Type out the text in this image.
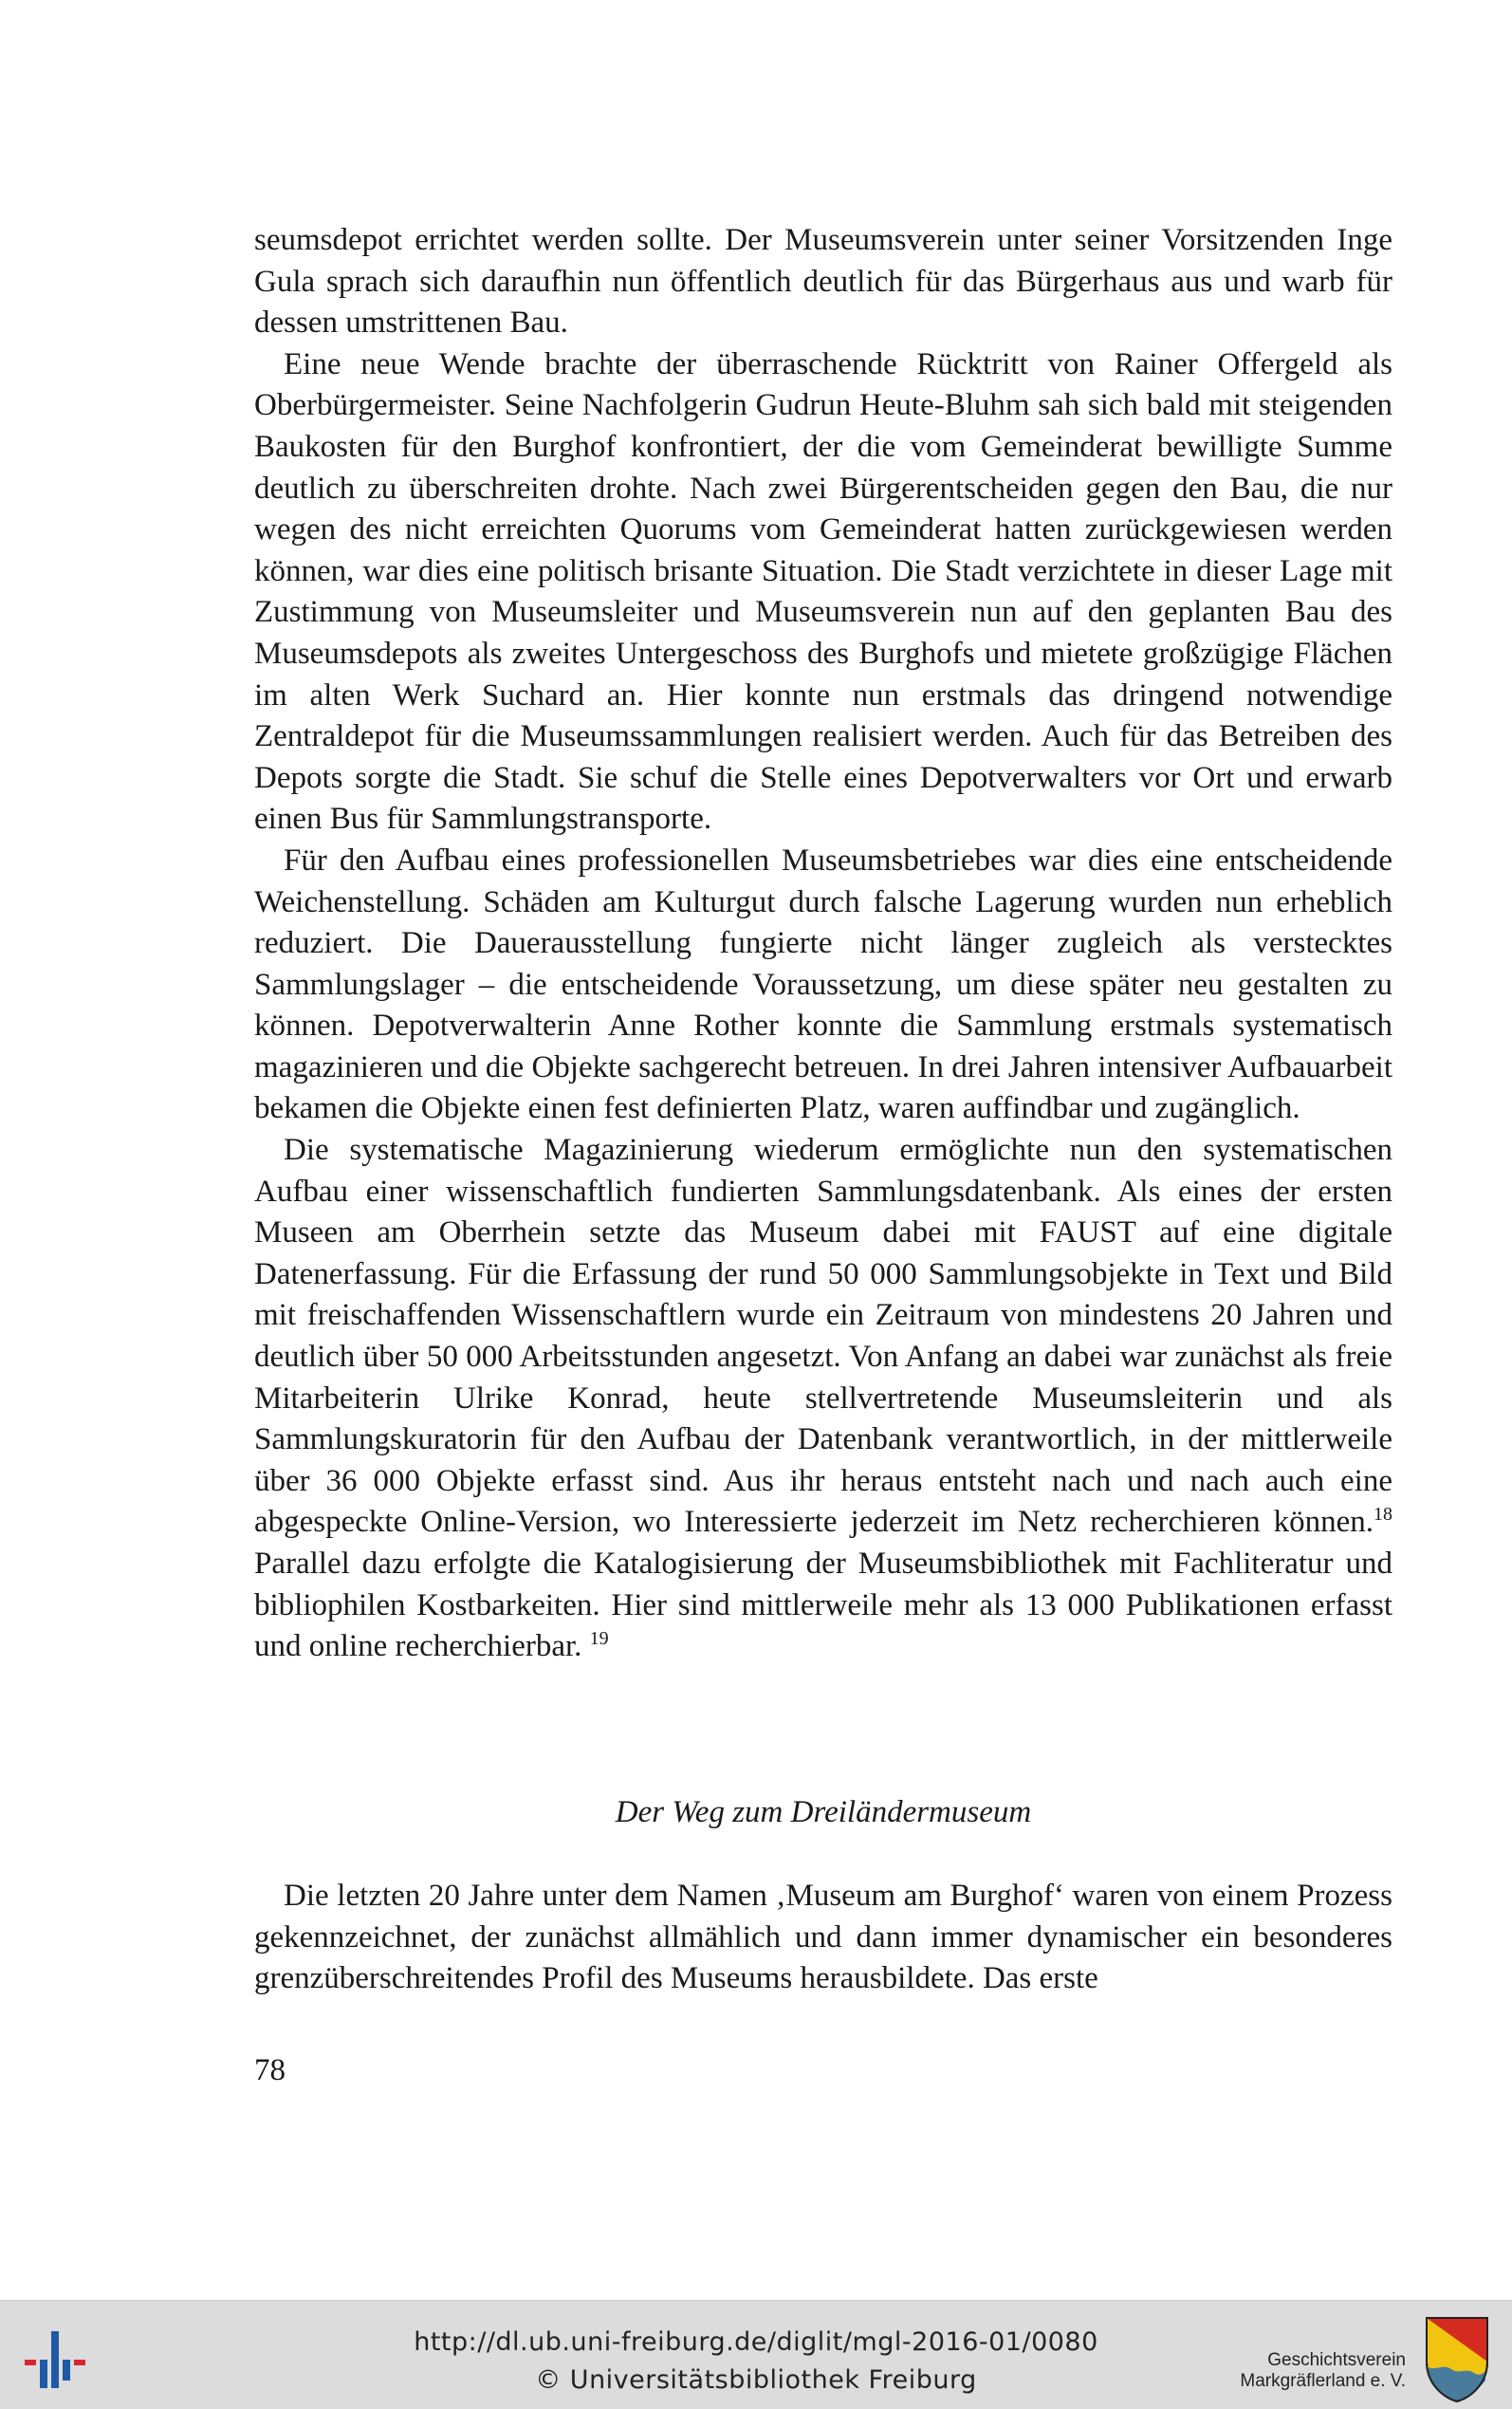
seumsdepot errichtet werden sollte. Der Museumsverein unter seiner Vorsitzenden Inge Gula sprach sich daraufhin nun öffentlich deutlich für das Bürgerhaus aus und warb für dessen umstrittenen Bau.

Eine neue Wende brachte der überraschende Rücktritt von Rainer Offergeld als Oberbürgermeister. Seine Nachfolgerin Gudrun Heute-Bluhm sah sich bald mit steigenden Baukosten für den Burghof konfrontiert, der die vom Gemeinderat bewilligte Summe deutlich zu überschreiten drohte. Nach zwei Bürgerentscheiden gegen den Bau, die nur wegen des nicht erreichten Quorums vom Gemeinderat hatten zurückgewiesen werden können, war dies eine politisch brisante Situation. Die Stadt verzichtete in dieser Lage mit Zustimmung von Museumsleiter und Museumsverein nun auf den geplanten Bau des Museumsdepots als zweites Untergeschoss des Burghofs und mietete großzügige Flächen im alten Werk Suchard an. Hier konnte nun erstmals das dringend notwendige Zentraldepot für die Museumssammlungen realisiert werden. Auch für das Betreiben des Depots sorgte die Stadt. Sie schuf die Stelle eines Depotverwalters vor Ort und erwarb einen Bus für Sammlungstransporte.

Für den Aufbau eines professionellen Museumsbetriebes war dies eine entscheidende Weichenstellung. Schäden am Kulturgut durch falsche Lagerung wurden nun erheblich reduziert. Die Dauerausstellung fungierte nicht länger zugleich als verstecktes Sammlungslager – die entscheidende Voraussetzung, um diese später neu gestalten zu können. Depotverwalterin Anne Rother konnte die Sammlung erstmals systematisch magazinieren und die Objekte sachgerecht betreuen. In drei Jahren intensiver Aufbauarbeit bekamen die Objekte einen fest definierten Platz, waren auffindbar und zugänglich.

Die systematische Magazinierung wiederum ermöglichte nun den systematischen Aufbau einer wissenschaftlich fundierten Sammlungsdatenbank. Als eines der ersten Museen am Oberrhein setzte das Museum dabei mit FAUST auf eine digitale Datenerfassung. Für die Erfassung der rund 50 000 Sammlungsobjekte in Text und Bild mit freischaffenden Wissenschaftlern wurde ein Zeitraum von mindestens 20 Jahren und deutlich über 50 000 Arbeitsstunden angesetzt. Von Anfang an dabei war zunächst als freie Mitarbeiterin Ulrike Konrad, heute stellvertretende Museumsleiterin und als Sammlungskuratorin für den Aufbau der Datenbank verantwortlich, in der mittlerweile über 36 000 Objekte erfasst sind. Aus ihr heraus entsteht nach und nach auch eine abgespeckte Online-Version, wo Interessierte jederzeit im Netz recherchieren können.$^{18}$ Parallel dazu erfolgte die Katalogisierung der Museumsbibliothek mit Fachliteratur und bibliophilen Kostbarkeiten. Hier sind mittlerweile mehr als 13 000 Publikationen erfasst und online recherchierbar. $^{19}$

Der Weg zum Dreiländermuseum

Die letzten 20 Jahre unter dem Namen ‚Museum am Burghof‘ waren von einem Prozess gekennzeichnet, der zunächst allmählich und dann immer dynamischer ein besonderes grenzüberschreitendes Profil des Museums herausbildete. Das erste

78
http://dl.ub.uni-freiburg.de/diglit/mgl-2016-01/0080
© Universitätsbibliothek Freiburg
Geschichtsverein
Markgräflerland e. V.
